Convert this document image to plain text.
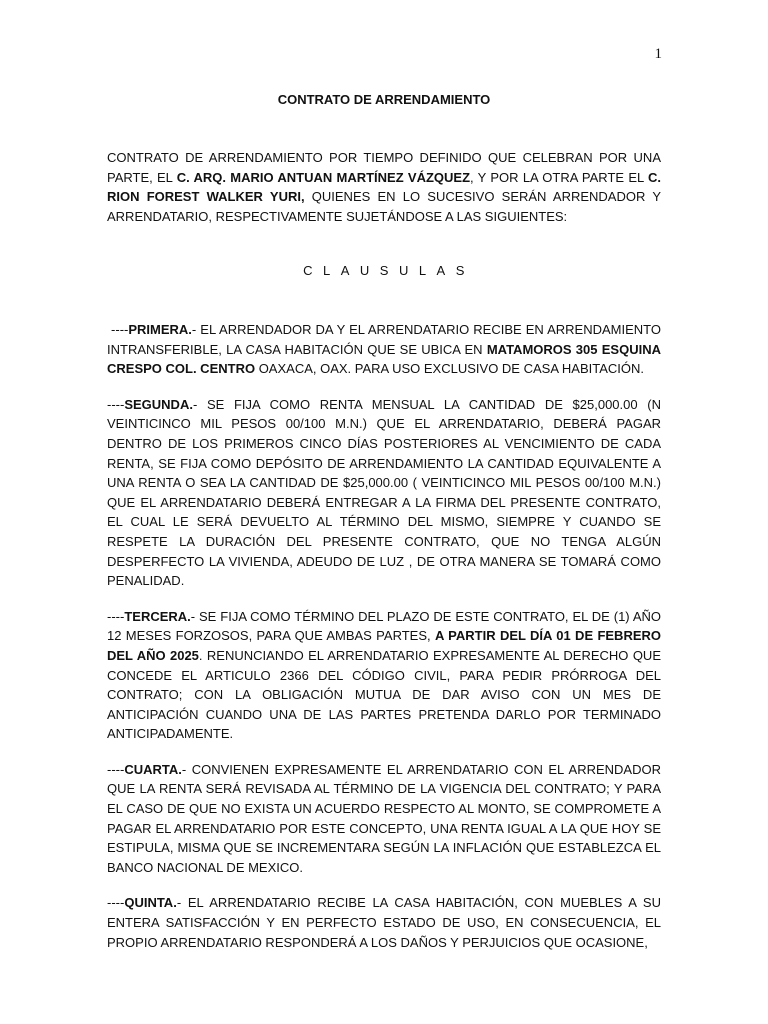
1
CONTRATO DE ARRENDAMIENTO

CONTRATO DE ARRENDAMIENTO POR TIEMPO DEFINIDO QUE CELEBRAN POR UNA PARTE, EL C. ARQ. MARIO ANTUAN MARTÍNEZ VÁZQUEZ, Y POR LA OTRA PARTE EL C. RION FOREST WALKER YURI, QUIENES EN LO SUCESIVO SERÁN ARRENDADOR Y ARRENDATARIO, RESPECTIVAMENTE SUJETÁNDOSE A LAS SIGUIENTES:

CLAUSULAS

----PRIMERA.- EL ARRENDADOR DA Y EL ARRENDATARIO RECIBE EN ARRENDAMIENTO INTRANSFERIBLE, LA CASA HABITACIÓN QUE SE UBICA EN MATAMOROS 305 ESQUINA CRESPO COL. CENTRO OAXACA, OAX. PARA USO EXCLUSIVO DE CASA HABITACIÓN.

----SEGUNDA.- SE FIJA COMO RENTA MENSUAL LA CANTIDAD DE $25,000.00 (N VEINTICINCO MIL PESOS 00/100 M.N.) QUE EL ARRENDATARIO, DEBERÁ PAGAR DENTRO DE LOS PRIMEROS CINCO DÍAS POSTERIORES AL VENCIMIENTO DE CADA RENTA, SE FIJA COMO DEPÓSITO DE ARRENDAMIENTO LA CANTIDAD EQUIVALENTE A UNA RENTA O SEA LA CANTIDAD DE $25,000.00 ( VEINTICINCO MIL PESOS 00/100 M.N.) QUE EL ARRENDATARIO DEBERÁ ENTREGAR A LA FIRMA DEL PRESENTE CONTRATO, EL CUAL LE SERÁ DEVUELTO AL TÉRMINO DEL MISMO, SIEMPRE Y CUANDO SE RESPETE LA DURACIÓN DEL PRESENTE CONTRATO, QUE NO TENGA ALGÚN DESPERFECTO LA VIVIENDA, ADEUDO DE LUZ , DE OTRA MANERA SE TOMARÁ COMO PENALIDAD.

----TERCERA.- SE FIJA COMO TÉRMINO DEL PLAZO DE ESTE CONTRATO, EL DE (1) AÑO 12 MESES FORZOSOS, PARA QUE AMBAS PARTES, A PARTIR DEL DÍA 01 DE FEBRERO DEL AÑO 2025. RENUNCIANDO EL ARRENDATARIO EXPRESAMENTE AL DERECHO QUE CONCEDE EL ARTICULO 2366 DEL CÓDIGO CIVIL, PARA PEDIR PRÓRROGA DEL CONTRATO; CON LA OBLIGACIÓN MUTUA DE DAR AVISO CON UN MES DE ANTICIPACIÓN CUANDO UNA DE LAS PARTES PRETENDA DARLO POR TERMINADO ANTICIPADAMENTE.

----CUARTA.- CONVIENEN EXPRESAMENTE EL ARRENDATARIO CON EL ARRENDADOR QUE LA RENTA SERÁ REVISADA AL TÉRMINO DE LA VIGENCIA DEL CONTRATO; Y PARA EL CASO DE QUE NO EXISTA UN ACUERDO RESPECTO AL MONTO, SE COMPROMETE A PAGAR EL ARRENDATARIO POR ESTE CONCEPTO, UNA RENTA IGUAL A LA QUE HOY SE ESTIPULA, MISMA QUE SE INCREMENTARA SEGÚN LA INFLACIÓN QUE ESTABLEZCA EL BANCO NACIONAL DE MEXICO.

----QUINTA.- EL ARRENDATARIO RECIBE LA CASA HABITACIÓN, CON MUEBLES A SU ENTERA SATISFACCIÓN Y EN PERFECTO ESTADO DE USO, EN CONSECUENCIA, EL PROPIO ARRENDATARIO RESPONDERÁ A LOS DAÑOS Y PERJUICIOS QUE OCASIONE,
